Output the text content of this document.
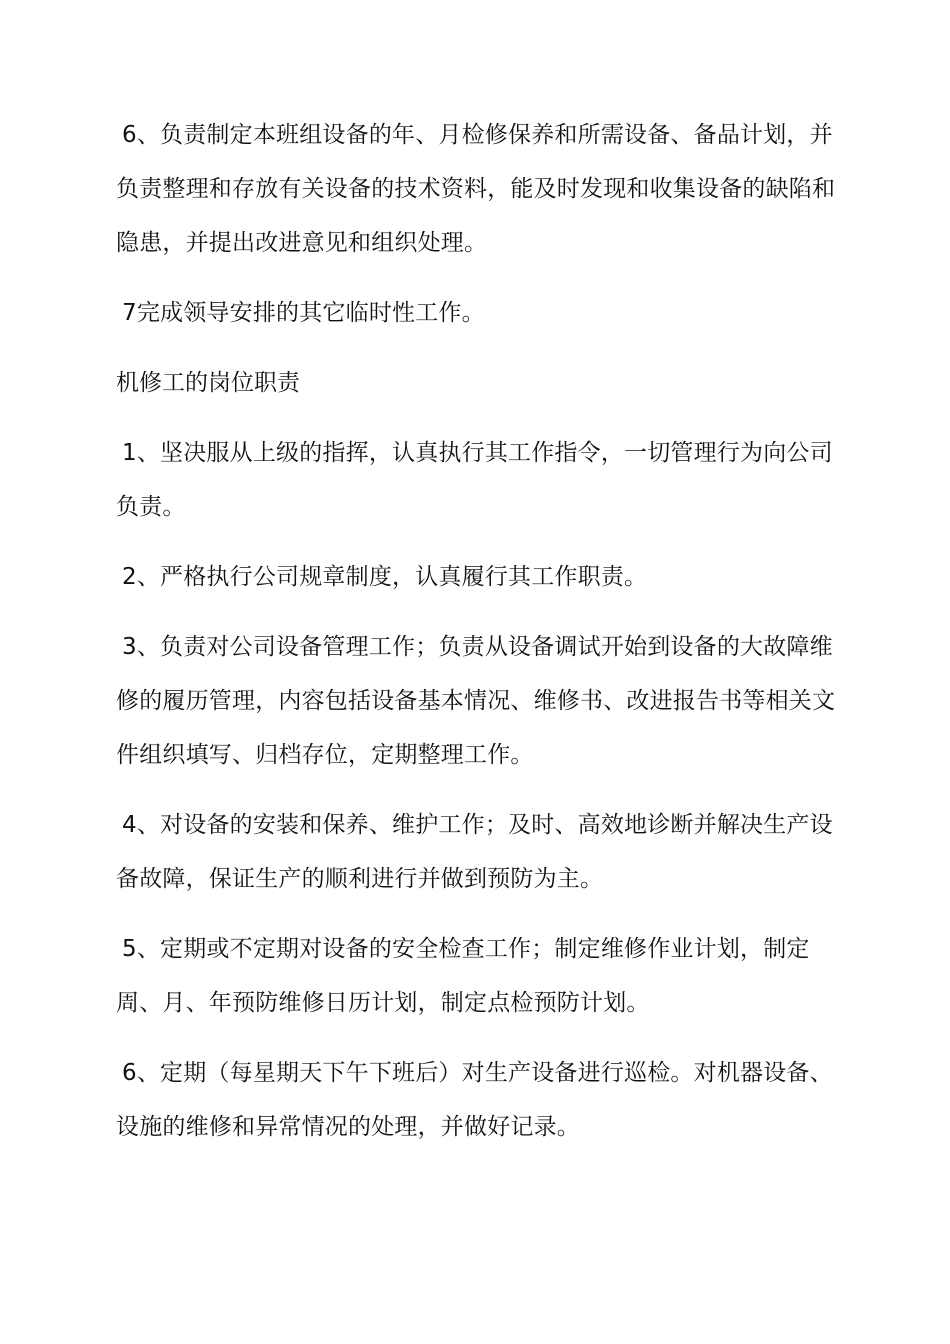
6、负责制定本班组设备的年、月检修保养和所需设备、备品计划，并负责整理和存放有关设备的技术资料，能及时发现和收集设备的缺陷和隐患，并提出改进意见和组织处理。

7完成领导安排的其它临时性工作。

机修工的岗位职责

1、坚决服从上级的指挥，认真执行其工作指令，一切管理行为向公司负责。

2、严格执行公司规章制度，认真履行其工作职责。

3、负责对公司设备管理工作；负责从设备调试开始到设备的大故障维修的履历管理，内容包括设备基本情况、维修书、改进报告书等相关文件组织填写、归档存位，定期整理工作。

4、对设备的安装和保养、维护工作；及时、高效地诊断并解决生产设备故障，保证生产的顺利进行并做到预防为主。

5、定期或不定期对设备的安全检查工作；制定维修作业计划，制定周、月、年预防维修日历计划，制定点检预防计划。

6、定期（每星期天下午下班后）对生产设备进行巡检。对机器设备、设施的维修和异常情况的处理，并做好记录。
